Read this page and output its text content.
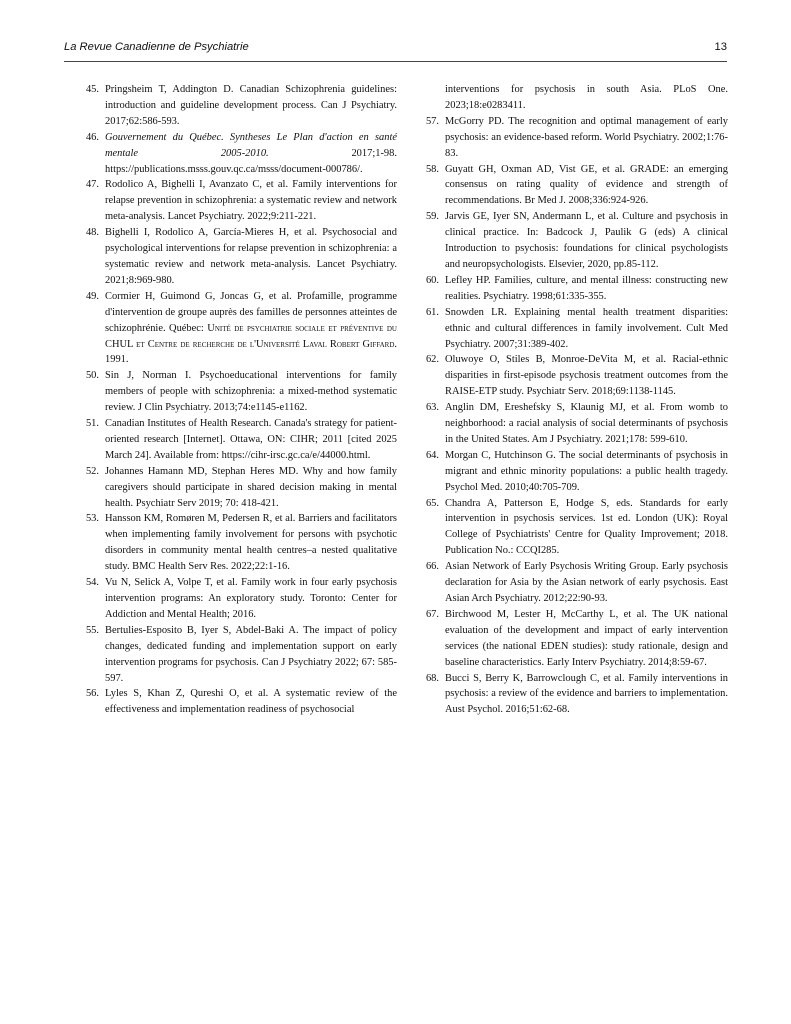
La Revue Canadienne de Psychiatrie	13
45 . Pringsheim T, Addington D. Canadian Schizophrenia guidelines: introduction and guideline development process. Can J Psychiatry. 2017;62:586-593.
46 . Gouvernement du Québec. Syntheses Le Plan d'action en santé mentale 2005-2010. 2017;1-98. https://publications.msss.gouv.qc.ca/msss/document-000786/.
47 . Rodolico A, Bighelli I, Avanzato C, et al. Family interventions for relapse prevention in schizophrenia: a systematic review and network meta-analysis. Lancet Psychiatry. 2022;9:211-221.
48 . Bighelli I, Rodolico A, García-Mieres H, et al. Psychosocial and psychological interventions for relapse prevention in schizophrenia: a systematic review and network meta-analysis. Lancet Psychiatry. 2021;8:969-980.
49 . Cormier H, Guimond G, Joncas G, et al. Profamille, programme d'intervention de groupe auprès des familles de personnes atteintes de schizophrénie. Québec: Unité de psychiatrie sociale et préventive du CHUL et Centre de recherche de l'Université Laval Robert Giffard. 1991.
50 . Sin J, Norman I. Psychoeducational interventions for family members of people with schizophrenia: a mixed-method systematic review. J Clin Psychiatry. 2013;74:e1145-e1162.
51 . Canadian Institutes of Health Research. Canada's strategy for patient-oriented research [Internet]. Ottawa, ON: CIHR; 2011 [cited 2025 March 24]. Available from: https://cihr-irsc.gc.ca/e/44000.html.
52 . Johannes Hamann MD, Stephan Heres MD. Why and how family caregivers should participate in shared decision making in mental health. Psychiatr Serv 2019; 70: 418-421.
53 . Hansson KM, Romøren M, Pedersen R, et al. Barriers and facilitators when implementing family involvement for persons with psychotic disorders in community mental health centres–a nested qualitative study. BMC Health Serv Res. 2022;22:1-16.
54 . Vu N, Selick A, Volpe T, et al. Family work in four early psychosis intervention programs: An exploratory study. Toronto: Center for Addiction and Mental Health; 2016.
55 . Bertulies-Esposito B, Iyer S, Abdel-Baki A. The impact of policy changes, dedicated funding and implementation support on early intervention programs for psychosis. Can J Psychiatry 2022; 67: 585-597.
56 . Lyles S, Khan Z, Qureshi O, et al. A systematic review of the effectiveness and implementation readiness of psychosocial
interventions for psychosis in south Asia. PLoS One. 2023;18:e0283411.
57 . McGorry PD. The recognition and optimal management of early psychosis: an evidence-based reform. World Psychiatry. 2002;1:76-83.
58 . Guyatt GH, Oxman AD, Vist GE, et al. GRADE: an emerging consensus on rating quality of evidence and strength of recommendations. Br Med J. 2008;336:924-926.
59 . Jarvis GE, Iyer SN, Andermann L, et al. Culture and psychosis in clinical practice. In: Badcock J, Paulik G (eds) A clinical Introduction to psychosis: foundations for clinical psychologists and neuropsychologists. Elsevier, 2020, pp.85-112.
60 . Lefley HP. Families, culture, and mental illness: constructing new realities. Psychiatry. 1998;61:335-355.
61 . Snowden LR. Explaining mental health treatment disparities: ethnic and cultural differences in family involvement. Cult Med Psychiatry. 2007;31:389-402.
62 . Oluwoye O, Stiles B, Monroe-DeVita M, et al. Racial-ethnic disparities in first-episode psychosis treatment outcomes from the RAISE-ETP study. Psychiatr Serv. 2018;69:1138-1145.
63 . Anglin DM, Ereshefsky S, Klaunig MJ, et al. From womb to neighborhood: a racial analysis of social determinants of psychosis in the United States. Am J Psychiatry. 2021;178: 599-610.
64 . Morgan C, Hutchinson G. The social determinants of psychosis in migrant and ethnic minority populations: a public health tragedy. Psychol Med. 2010;40:705-709.
65 . Chandra A, Patterson E, Hodge S, eds. Standards for early intervention in psychosis services. 1st ed. London (UK): Royal College of Psychiatrists' Centre for Quality Improvement; 2018. Publication No.: CCQI285.
66 . Asian Network of Early Psychosis Writing Group. Early psychosis declaration for Asia by the Asian network of early psychosis. East Asian Arch Psychiatry. 2012;22:90-93.
67 . Birchwood M, Lester H, McCarthy L, et al. The UK national evaluation of the development and impact of early intervention services (the national EDEN studies): study rationale, design and baseline characteristics. Early Interv Psychiatry. 2014;8:59-67.
68 . Bucci S, Berry K, Barrowclough C, et al. Family interventions in psychosis: a review of the evidence and barriers to implementation. Aust Psychol. 2016;51:62-68.
